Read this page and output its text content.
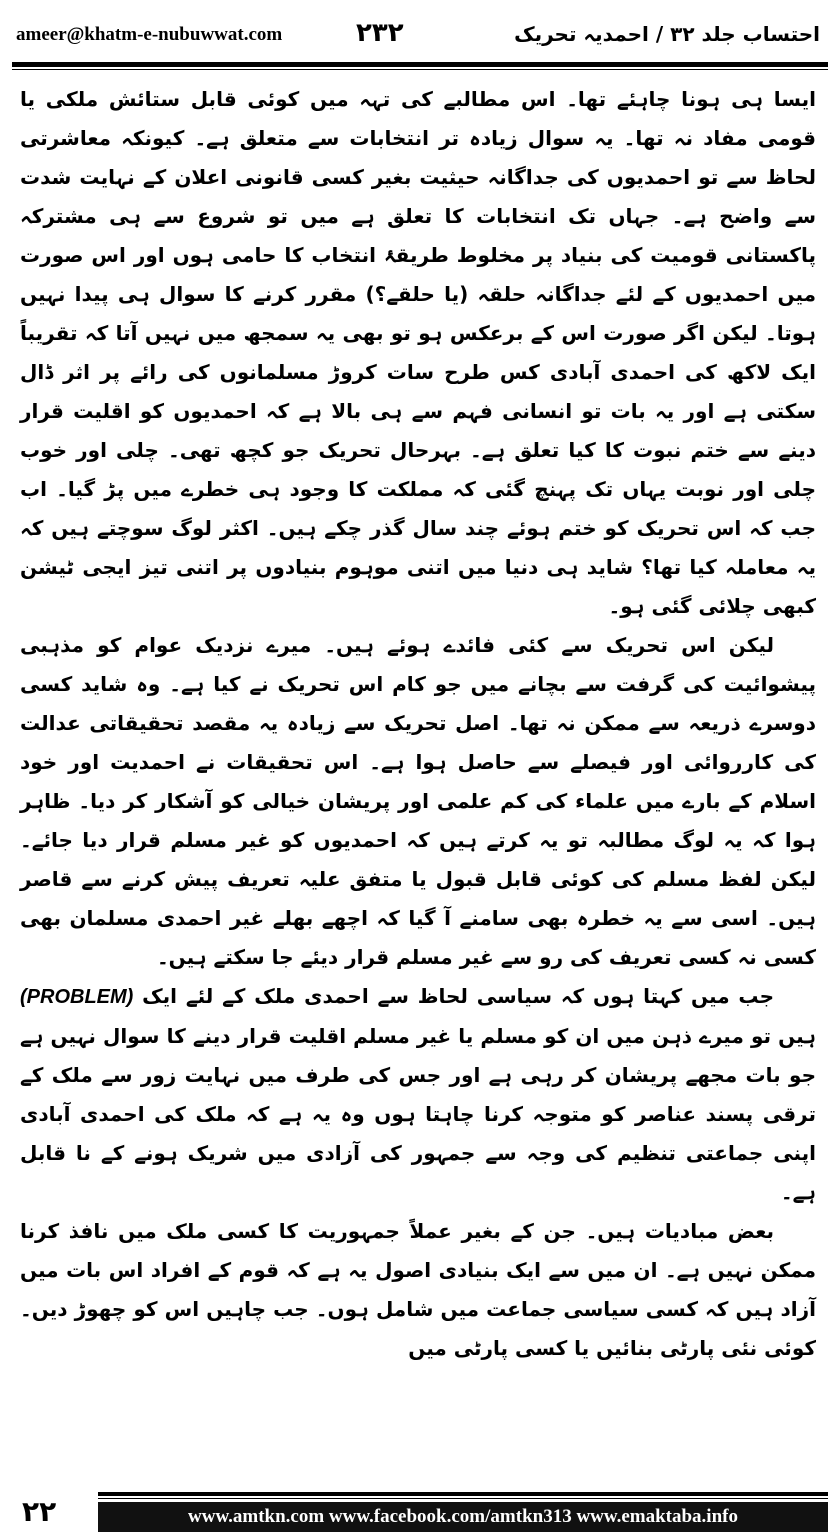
ameer@khatm-e-nubuwwat.com	۲۳۲	احتساب جلد ۳۲ / احمدیہ تحریک

ایسا ہی ہونا چاہئے تھا۔ اس مطالبے کی تہہ میں کوئی قابل ستائش ملکی یا قومی مفاد نہ تھا۔ یہ سوال زیادہ تر انتخابات سے متعلق ہے۔ کیونکہ معاشرتی لحاظ سے تو احمدیوں کی جداگانہ حیثیت بغیر کسی قانونی اعلان کے نہایت شدت سے واضح ہے۔ جہاں تک انتخابات کا تعلق ہے میں تو شروع سے ہی مشترکہ پاکستانی قومیت کی بنیاد پر مخلوط طریقۂ انتخاب کا حامی ہوں اور اس صورت میں احمدیوں کے لئے جداگانہ حلقہ (یا حلقے؟) مقرر کرنے کا سوال ہی پیدا نہیں ہوتا۔ لیکن اگر صورت اس کے برعکس ہو تو بھی یہ سمجھ میں نہیں آتا کہ تقریباً ایک لاکھ کی احمدی آبادی کس طرح سات کروڑ مسلمانوں کی رائے پر اثر ڈال سکتی ہے اور یہ بات تو انسانی فہم سے ہی بالا ہے کہ احمدیوں کو اقلیت قرار دینے سے ختم نبوت کا کیا تعلق ہے۔ بہرحال تحریک جو کچھ تھی۔ چلی اور خوب چلی اور نوبت یہاں تک پہنچ گئی کہ مملکت کا وجود ہی خطرے میں پڑ گیا۔ اب جب کہ اس تحریک کو ختم ہوئے چند سال گذر چکے ہیں۔ اکثر لوگ سوچتے ہیں کہ یہ معاملہ کیا تھا؟ شاید ہی دنیا میں اتنی موہوم بنیادوں پر اتنی تیز ایجی ٹیشن کبھی چلائی گئی ہو۔

لیکن اس تحریک سے کئی فائدے ہوئے ہیں۔ میرے نزدیک عوام کو مذہبی پیشوائیت کی گرفت سے بچانے میں جو کام اس تحریک نے کیا ہے۔ وہ شاید کسی دوسرے ذریعہ سے ممکن نہ تھا۔ اصل تحریک سے زیادہ یہ مقصد تحقیقاتی عدالت کی کارروائی اور فیصلے سے حاصل ہوا ہے۔ اس تحقیقات نے احمدیت اور خود اسلام کے بارے میں علماء کی کم علمی اور پریشان خیالی کو آشکار کر دیا۔ ظاہر ہوا کہ یہ لوگ مطالبہ تو یہ کرتے ہیں کہ احمدیوں کو غیر مسلم قرار دیا جائے۔ لیکن لفظ مسلم کی کوئی قابل قبول یا متفق علیہ تعریف پیش کرنے سے قاصر ہیں۔ اسی سے یہ خطرہ بھی سامنے آ گیا کہ اچھے بھلے غیر احمدی مسلمان بھی کسی نہ کسی تعریف کی رو سے غیر مسلم قرار دیئے جا سکتے ہیں۔

جب میں کہتا ہوں کہ سیاسی لحاظ سے احمدی ملک کے لئے ایک (PROBLEM) ہیں تو میرے ذہن میں ان کو مسلم یا غیر مسلم اقلیت قرار دینے کا سوال نہیں ہے جو بات مجھے پریشان کر رہی ہے اور جس کی طرف میں نہایت زور سے ملک کے ترقی پسند عناصر کو متوجہ کرنا چاہتا ہوں وہ یہ ہے کہ ملک کی احمدی آبادی اپنی جماعتی تنظیم کی وجہ سے جمہور کی آزادی میں شریک ہونے کے نا قابل ہے۔

بعض مبادیات ہیں۔ جن کے بغیر عملاً جمہوریت کا کسی ملک میں نافذ کرنا ممکن نہیں ہے۔ ان میں سے ایک بنیادی اصول یہ ہے کہ قوم کے افراد اس بات میں آزاد ہیں کہ کسی سیاسی جماعت میں شامل ہوں۔ جب چاہیں اس کو چھوڑ دیں۔ کوئی نئی پارٹی بنائیں یا کسی پارٹی میں

۲۲	www.amtkn.com www.facebook.com/amtkn313 www.emaktaba.info
